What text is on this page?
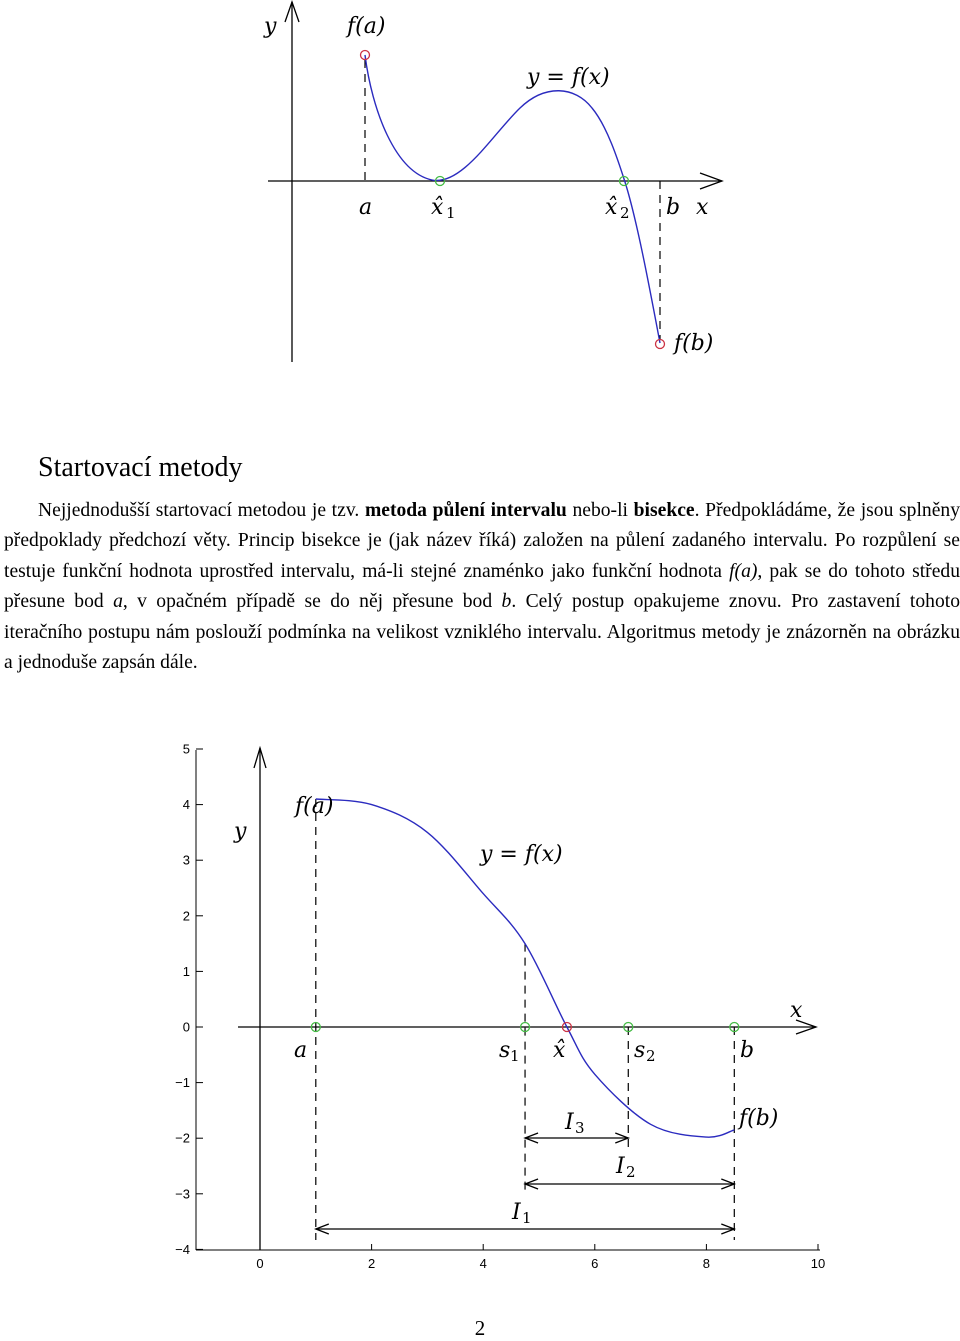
y	f(a)
y = f(x)
a	x̂ 1	x̂ 2 b x
f(b)
Startovací metody

Nejjednodušší startovací metodou je tzv. metoda půlení intervalu nebo-li bisekce. Předpokládáme, že jsou splněny předpoklady předchozí věty. Princip bisekce je (jak název říká) založen na půlení zadaného intervalu. Po rozpůlení se testuje funkční hodnota uprostřed intervalu, má-li stejné znaménko jako funkční hodnota f(a), pak se do tohoto středu přesune bod a, v opačném případě se do něj přesune bod b. Celý postup opakujeme znovu. Pro zastavení tohoto iteračního postupu nám poslouží podmínka na velikost vzniklého intervalu. Algoritmus metody je znázorněn na obrázku a jednoduše zapsán dále.

5
4
3
2
1
0
−1
−2
−3
−4
0	2	4	6	8	10
y
f(a)
y = f(x)
x
a	s 1 x̂	s 2	b
f(b)
I 3
I 2
I 1
2
